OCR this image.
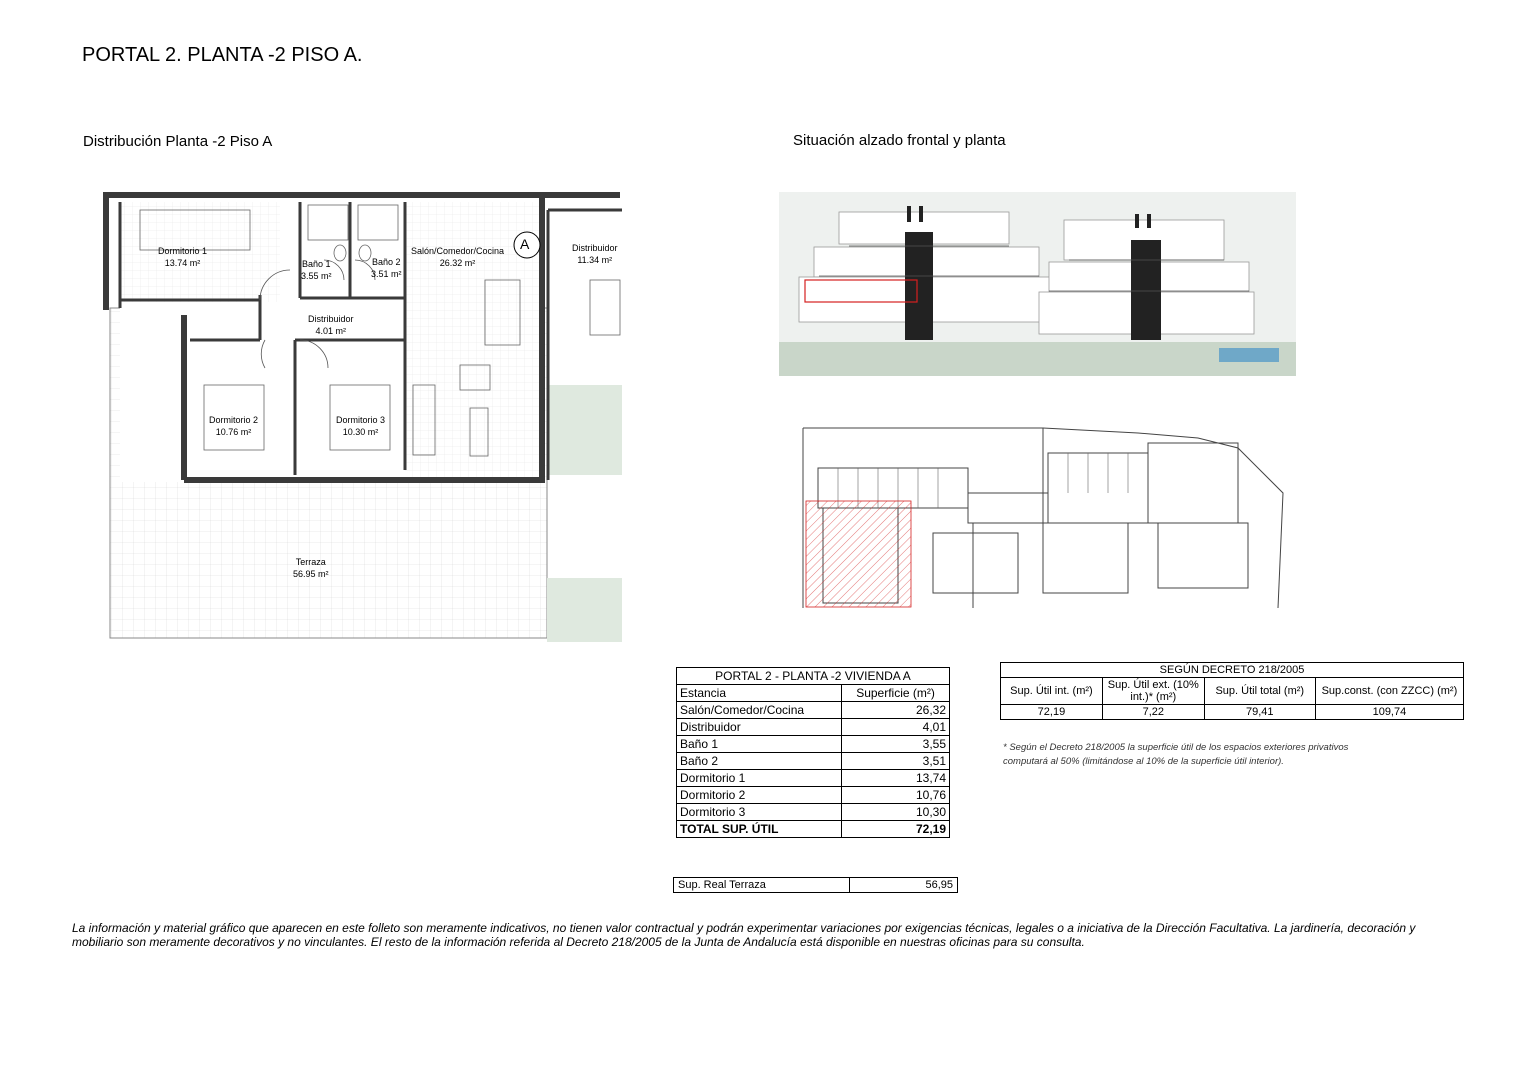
PORTAL 2. PLANTA -2 PISO A.
Distribución Planta -2 Piso A	Situación alzado frontal y planta
A
Dormitorio 1
13.74 m²	Baño 1
3.55 m²
Baño 2
3.51 m²
Salón/Comedor/Cocina
26.32 m²
Distribuidor
11.34 m²
Distribuidor
4.01 m²
Dormitorio 2
10.76 m²
Dormitorio 3
10.30 m²
Terraza
56.95 m²
PORTAL 2 - PLANTA -2 VIVIENDA A	
Estancia	Superficie (m²)
Salón/Comedor/Cocina	26,32
Distribuidor	4,01
Baño 1	3,55
Baño 2	3,51
Dormitorio 1	13,74
Dormitorio 2	10,76
Dormitorio 3	10,30
TOTAL SUP. ÚTIL	72,19
SEGÚN DECRETO 218/2005			
Sup. Útil int. (m²)	Sup. Útil ext. (10% int.)* (m²)	Sup. Útil total (m²)	Sup.const. (con ZZCC) (m²)
72,19	7,22	79,41	109,74
* Según el Decreto 218/2005 la superficie útil de los espacios exteriores privativos computará al 50% (limitándose al 10% de la superficie útil interior).
Sup. Real Terraza	56,95
La información y material gráfico que aparecen en este folleto son meramente indicativos, no tienen valor contractual y podrán experimentar variaciones por exigencias técnicas, legales o a iniciativa de la Dirección Facultativa. La jardinería, decoración y mobiliario son meramente decorativos y no vinculantes. El resto de la información referida al Decreto 218/2005 de la Junta de Andalucía está disponible en nuestras oficinas para su consulta.
